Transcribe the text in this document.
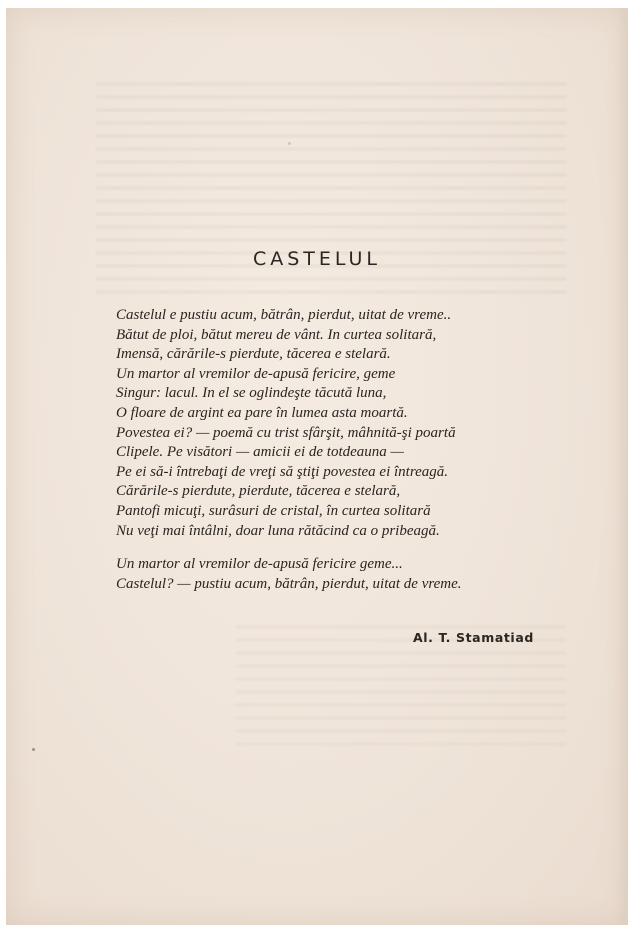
CASTELUL

Castelul e pustiu acum, bătrân, pierdut, uitat de vreme..
Bătut de ploi, bătut mereu de vânt. In curtea solitară,
Imensă, cărările-s pierdute, tăcerea e stelară.
Un martor al vremilor de-apusă fericire, geme
Singur: lacul. In el se oglindeşte tăcută luna,
O floare de argint ea pare în lumea asta moartă.
Povestea ei? — poemă cu trist sfârşit, mâhnită-şi poartă
Clipele. Pe visători — amicii ei de totdeauna —
Pe ei să-i întrebaţi de vreţi să ştiţi povestea ei întreagă.
Cărările-s pierdute, pierdute, tăcerea e stelară,
Pantofi micuţi, surâsuri de cristal, în curtea solitară
Nu veţi mai întâlni, doar luna rătăcind ca o pribeagă.

Un martor al vremilor de-apusă fericire geme...
Castelul? — pustiu acum, bătrân, pierdut, uitat de vreme.

Al. T. Stamatiad
